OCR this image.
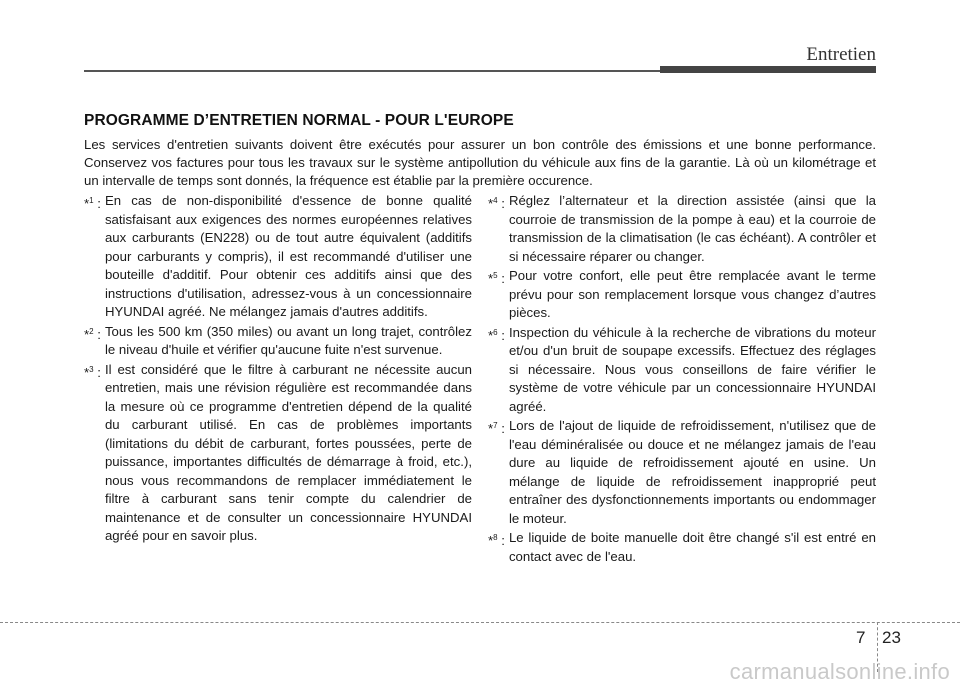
Entretien
PROGRAMME D’ENTRETIEN NORMAL - POUR L'EUROPE

Les services d'entretien suivants doivent être exécutés pour assurer un bon contrôle des émissions et une bonne performance. Conservez vos factures pour tous les travaux sur le système antipollution du véhicule aux fins de la garantie. Là où un kilométrage et un intervalle de temps sont donnés, la fréquence est établie par la première occurence.

*$^1$ : En cas de non-disponibilité d'essence de bonne qualité satisfaisant aux exigences des normes européennes relatives aux carburants (EN228) ou de tout autre équivalent (additifs pour carburants y compris), il est recommandé d'utiliser une bouteille d'additif. Pour obtenir ces additifs ainsi que des instructions d'utilisation, adressez-vous à un concessionnaire HYUNDAI agréé. Ne mélangez jamais d'autres additifs.
*$^2$ : Tous les 500 km (350 miles) ou avant un long trajet, contrôlez le niveau d'huile et vérifier qu'aucune fuite n'est survenue.
*$^3$ : Il est considéré que le filtre à carburant ne nécessite aucun entretien, mais une révision régulière est recommandée dans la mesure où ce programme d'entretien dépend de la qualité du carburant utilisé. En cas de problèmes importants (limitations du débit de carburant, fortes poussées, perte de puissance, importantes difficultés de démarrage à froid, etc.), nous vous recommandons de remplacer immédiatement le filtre à carburant sans tenir compte du calendrier de maintenance et de consulter un concessionnaire HYUNDAI agréé pour en savoir plus.
*$^4$ : Réglez l’alternateur et la direction assistée (ainsi que la courroie de transmission de la pompe à eau) et la courroie de transmission de la climatisation (le cas échéant). A contrôler et si nécessaire réparer ou changer.
*$^5$ : Pour votre confort, elle peut être remplacée avant le terme prévu pour son remplacement lorsque vous changez d’autres pièces.
*$^6$ : Inspection du véhicule à la recherche de vibrations du moteur et/ou d'un bruit de soupape excessifs. Effectuez des réglages si nécessaire. Nous vous conseillons de faire vérifier le système de votre véhicule par un concessionnaire HYUNDAI agréé.
*$^7$ : Lors de l'ajout de liquide de refroidissement, n'utilisez que de l'eau déminéralisée ou douce et ne mélangez jamais de l'eau dure au liquide de refroidissement ajouté en usine. Un mélange de liquide de refroidissement inapproprié peut entraîner des dysfonctionnements importants ou endommager le moteur.
*$^8$ : Le liquide de boite manuelle doit être changé s'il est entré en contact avec de l'eau.
7 23
carmanualsonline.info
